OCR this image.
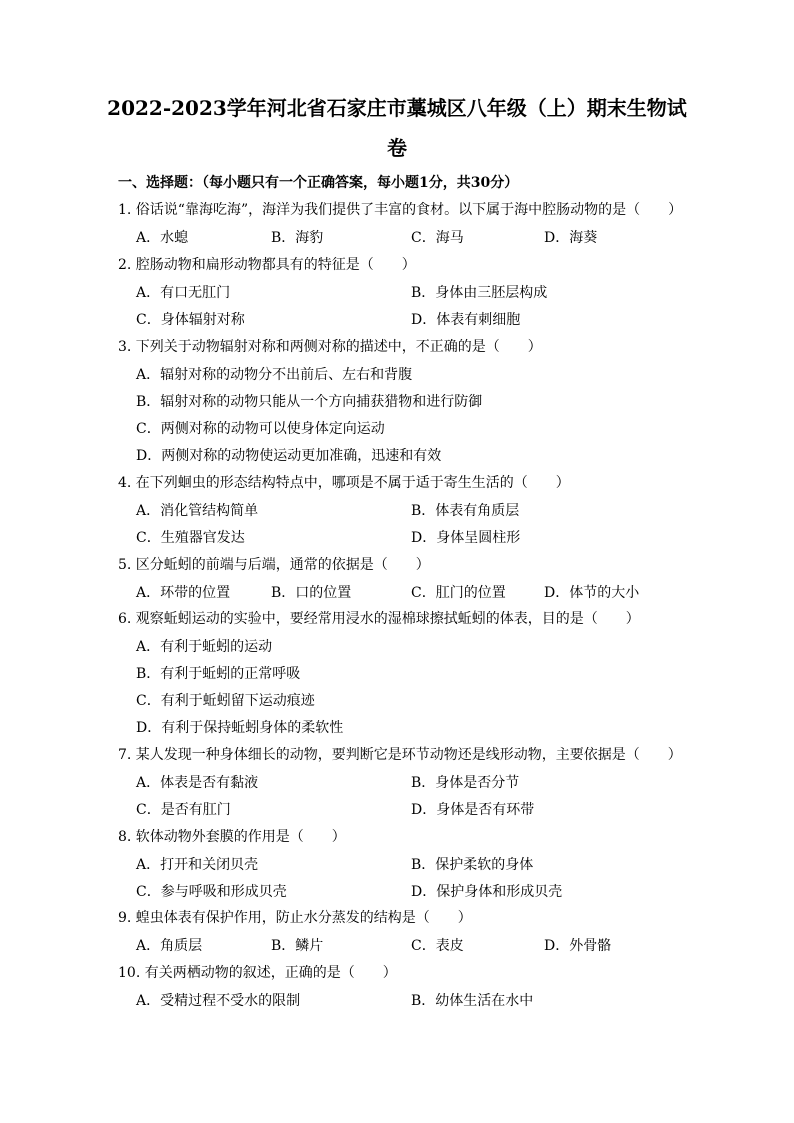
2022-2023学年河北省石家庄市藁城区八年级（上）期末生物试
卷
一、选择题：（每小题只有一个正确答案，每小题1分，共30分）
1. 俗话说“靠海吃海”，海洋为我们提供了丰富的食材。以下属于海中腔肠动物的是（　　）
A．水螅	B．海豹	C．海马	D．海葵
2. 腔肠动物和扁形动物都具有的特征是（　　）
A．有口无肛门	B．身体由三胚层构成
C．身体辐射对称	D．体表有刺细胞
3. 下列关于动物辐射对称和两侧对称的描述中，不正确的是（　　）
A．辐射对称的动物分不出前后、左右和背腹
B．辐射对称的动物只能从一个方向捕获猎物和进行防御
C．两侧对称的动物可以使身体定向运动
D．两侧对称的动物使运动更加准确，迅速和有效
4. 在下列蛔虫的形态结构特点中，哪项是不属于适于寄生生活的（　　）
A．消化管结构简单	B．体表有角质层
C．生殖器官发达	D．身体呈圆柱形
5. 区分蚯蚓的前端与后端，通常的依据是（　　）
A．环带的位置	B．口的位置	C．肛门的位置	D．体节的大小
6. 观察蚯蚓运动的实验中，要经常用浸水的湿棉球擦拭蚯蚓的体表，目的是（　　）
A．有利于蚯蚓的运动
B．有利于蚯蚓的正常呼吸
C．有利于蚯蚓留下运动痕迹
D．有利于保持蚯蚓身体的柔软性
7. 某人发现一种身体细长的动物，要判断它是环节动物还是线形动物，主要依据是（　　）
A．体表是否有黏液	B．身体是否分节
C．是否有肛门	D．身体是否有环带
8. 软体动物外套膜的作用是（　　）
A．打开和关闭贝壳	B．保护柔软的身体
C．参与呼吸和形成贝壳	D．保护身体和形成贝壳
9. 蝗虫体表有保护作用，防止水分蒸发的结构是（　　）
A．角质层	B．鳞片	C．表皮	D．外骨骼
10. 有关两栖动物的叙述，正确的是（　　）
A．受精过程不受水的限制	B．幼体生活在水中
